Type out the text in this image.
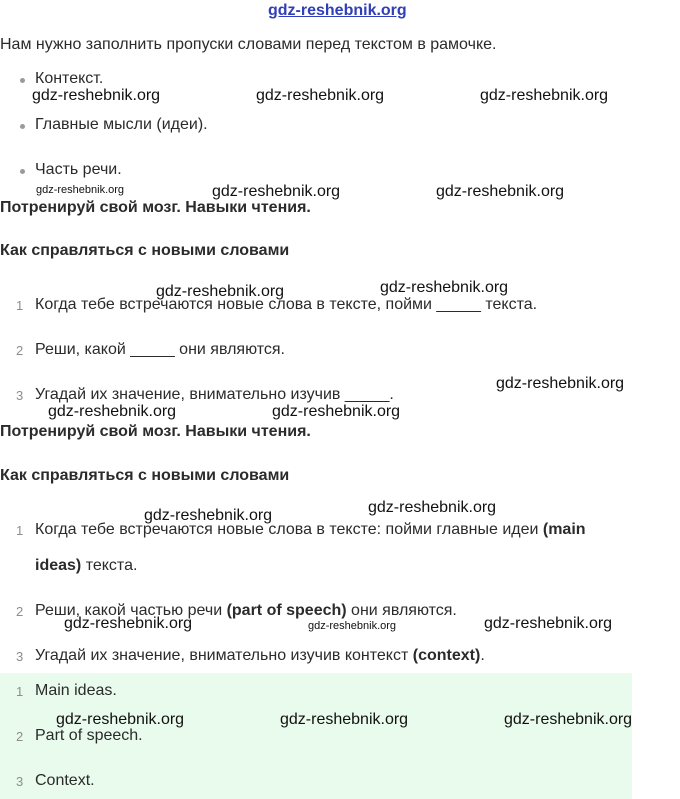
gdz-reshebnik.org
Нам нужно заполнить пропуски словами перед текстом в рамочке.
Контекст.
Главные мысли (идеи).
Часть речи.
Потренируй свой мозг. Навыки чтения.
Как справляться с новыми словами
1 Когда тебе встречаются новые слова в тексте, пойми _____ текста.
2 Реши, какой _____ они являются.
3 Угадай их значение, внимательно изучив _____.
Потренируй свой мозг. Навыки чтения.
Как справляться с новыми словами
1 Когда тебе встречаются новые слова в тексте: пойми главные идеи (main
ideas) текста.
2 Реши, какой частью речи (part of speech) они являются.
3 Угадай их значение, внимательно изучив контекст (context).
1 Main ideas.
2 Part of speech.
3 Context.
gdz-reshebnik.org	gdz-reshebnik.org	gdz-reshebnik.org
gdz-reshebnik.org	gdz-reshebnik.org	gdz-reshebnik.org
gdz-reshebnik.org	gdz-reshebnik.org
gdz-reshebnik.org
gdz-reshebnik.org	gdz-reshebnik.org
gdz-reshebnik.org	gdz-reshebnik.org
gdz-reshebnik.org	gdz-reshebnik.org	gdz-reshebnik.org
gdz-reshebnik.org	gdz-reshebnik.org	gdz-reshebnik.org
